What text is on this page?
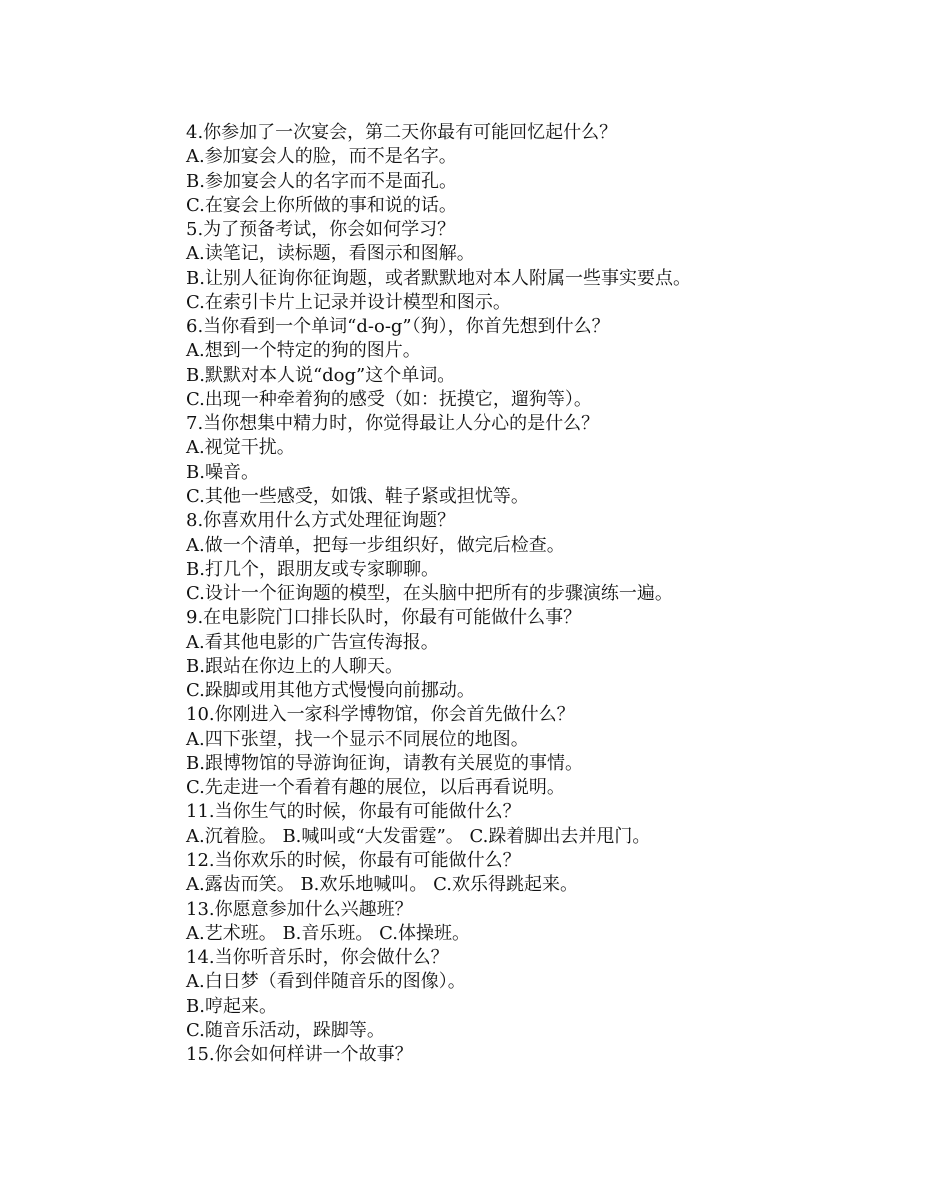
4.你参加了一次宴会，第二天你最有可能回忆起什么？
A.参加宴会人的脸，而不是名字。
B.参加宴会人的名字而不是面孔。
C.在宴会上你所做的事和说的话。
5.为了预备考试，你会如何学习？
A.读笔记，读标题，看图示和图解。
B.让别人征询你征询题，或者默默地对本人附属一些事实要点。
C.在索引卡片上记录并设计模型和图示。
6.当你看到一个单词“d-o-g”（狗），你首先想到什么？
A.想到一个特定的狗的图片。
B.默默对本人说“dog”这个单词。
C.出现一种牵着狗的感受（如：抚摸它，遛狗等）。
7.当你想集中精力时，你觉得最让人分心的是什么？
A.视觉干扰。
B.噪音。
C.其他一些感受，如饿、鞋子紧或担忧等。
8.你喜欢用什么方式处理征询题？
A.做一个清单，把每一步组织好，做完后检查。
B.打几个，跟朋友或专家聊聊。
C.设计一个征询题的模型，在头脑中把所有的步骤演练一遍。
9.在电影院门口排长队时，你最有可能做什么事？
A.看其他电影的广告宣传海报。
B.跟站在你边上的人聊天。
C.跺脚或用其他方式慢慢向前挪动。
10.你刚进入一家科学博物馆，你会首先做什么？
A.四下张望，找一个显示不同展位的地图。
B.跟博物馆的导游询征询，请教有关展览的事情。
C.先走进一个看着有趣的展位，以后再看说明。
11.当你生气的时候，你最有可能做什么？
A.沉着脸。 B.喊叫或“大发雷霆”。 C.跺着脚出去并甩门。
12.当你欢乐的时候，你最有可能做什么？
A.露齿而笑。 B.欢乐地喊叫。 C.欢乐得跳起来。
13.你愿意参加什么兴趣班？
A.艺术班。 B.音乐班。 C.体操班。
14.当你听音乐时，你会做什么？
A.白日梦（看到伴随音乐的图像）。
B.哼起来。
C.随音乐活动，跺脚等。
15.你会如何样讲一个故事？
